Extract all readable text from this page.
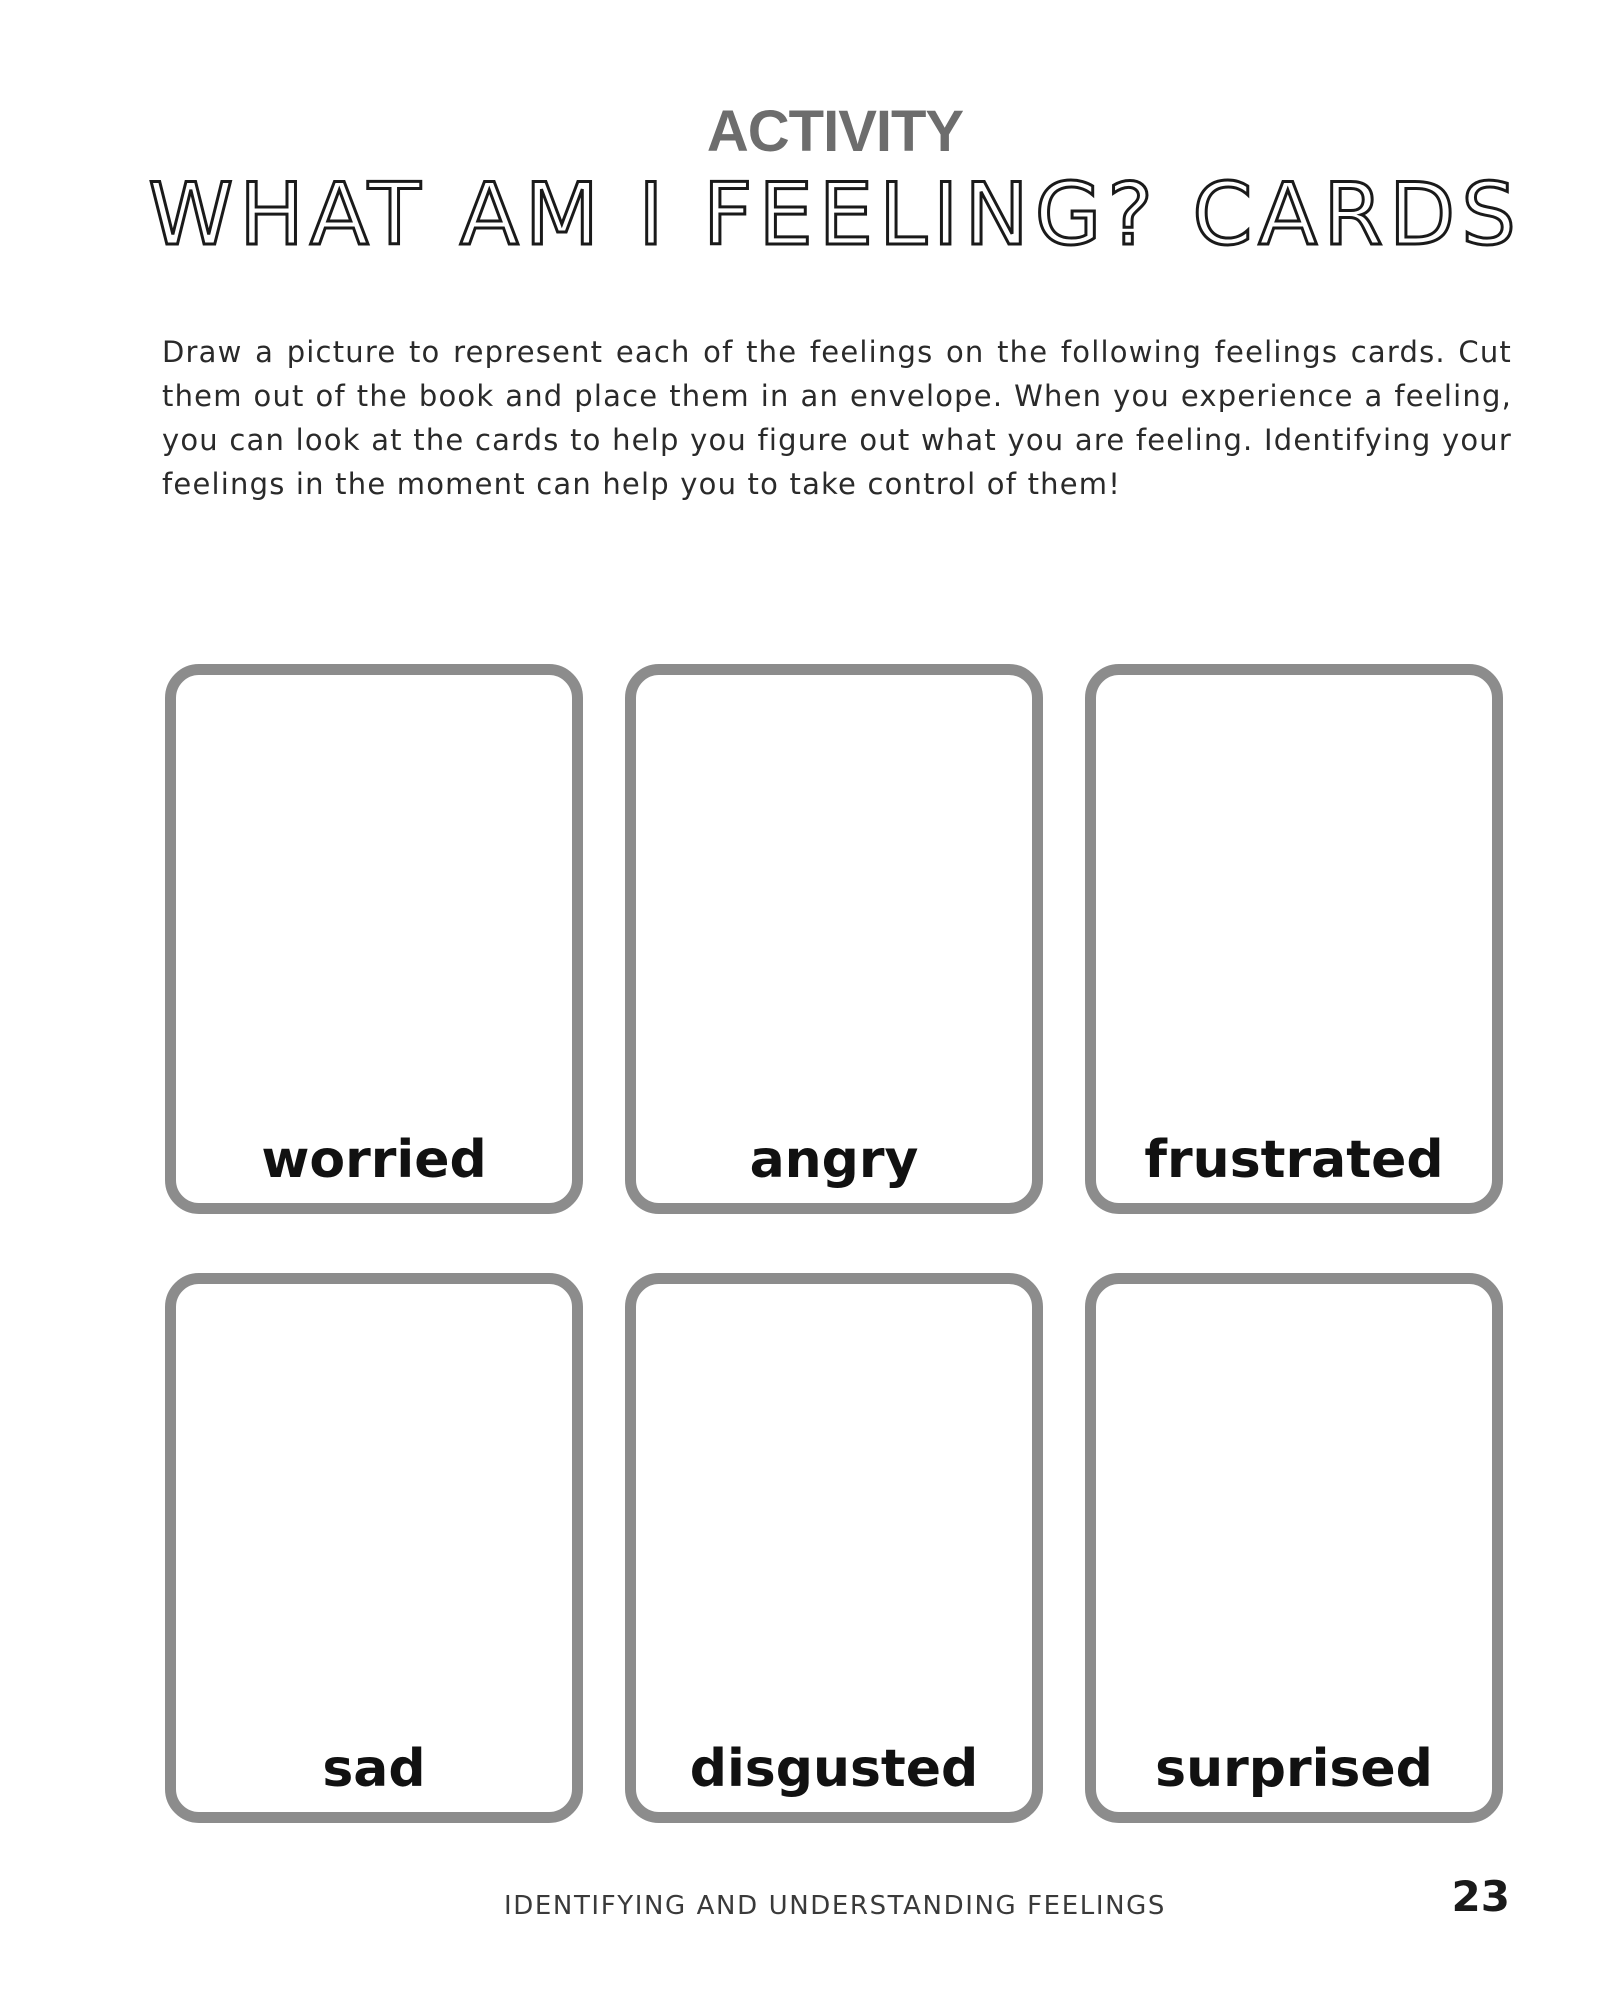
ACTIVITY
WHAT AM I FEELING? CARDS

Draw a picture to represent each of the feelings on the following feelings cards. Cut them out of the book and place them in an envelope. When you experience a feeling, you can look at the cards to help you figure out what you are feeling. Identifying your feelings in the moment can help you to take control of them!

worried	angry	frustrated
sad	disgusted	surprised
IDENTIFYING AND UNDERSTANDING FEELINGS	23
